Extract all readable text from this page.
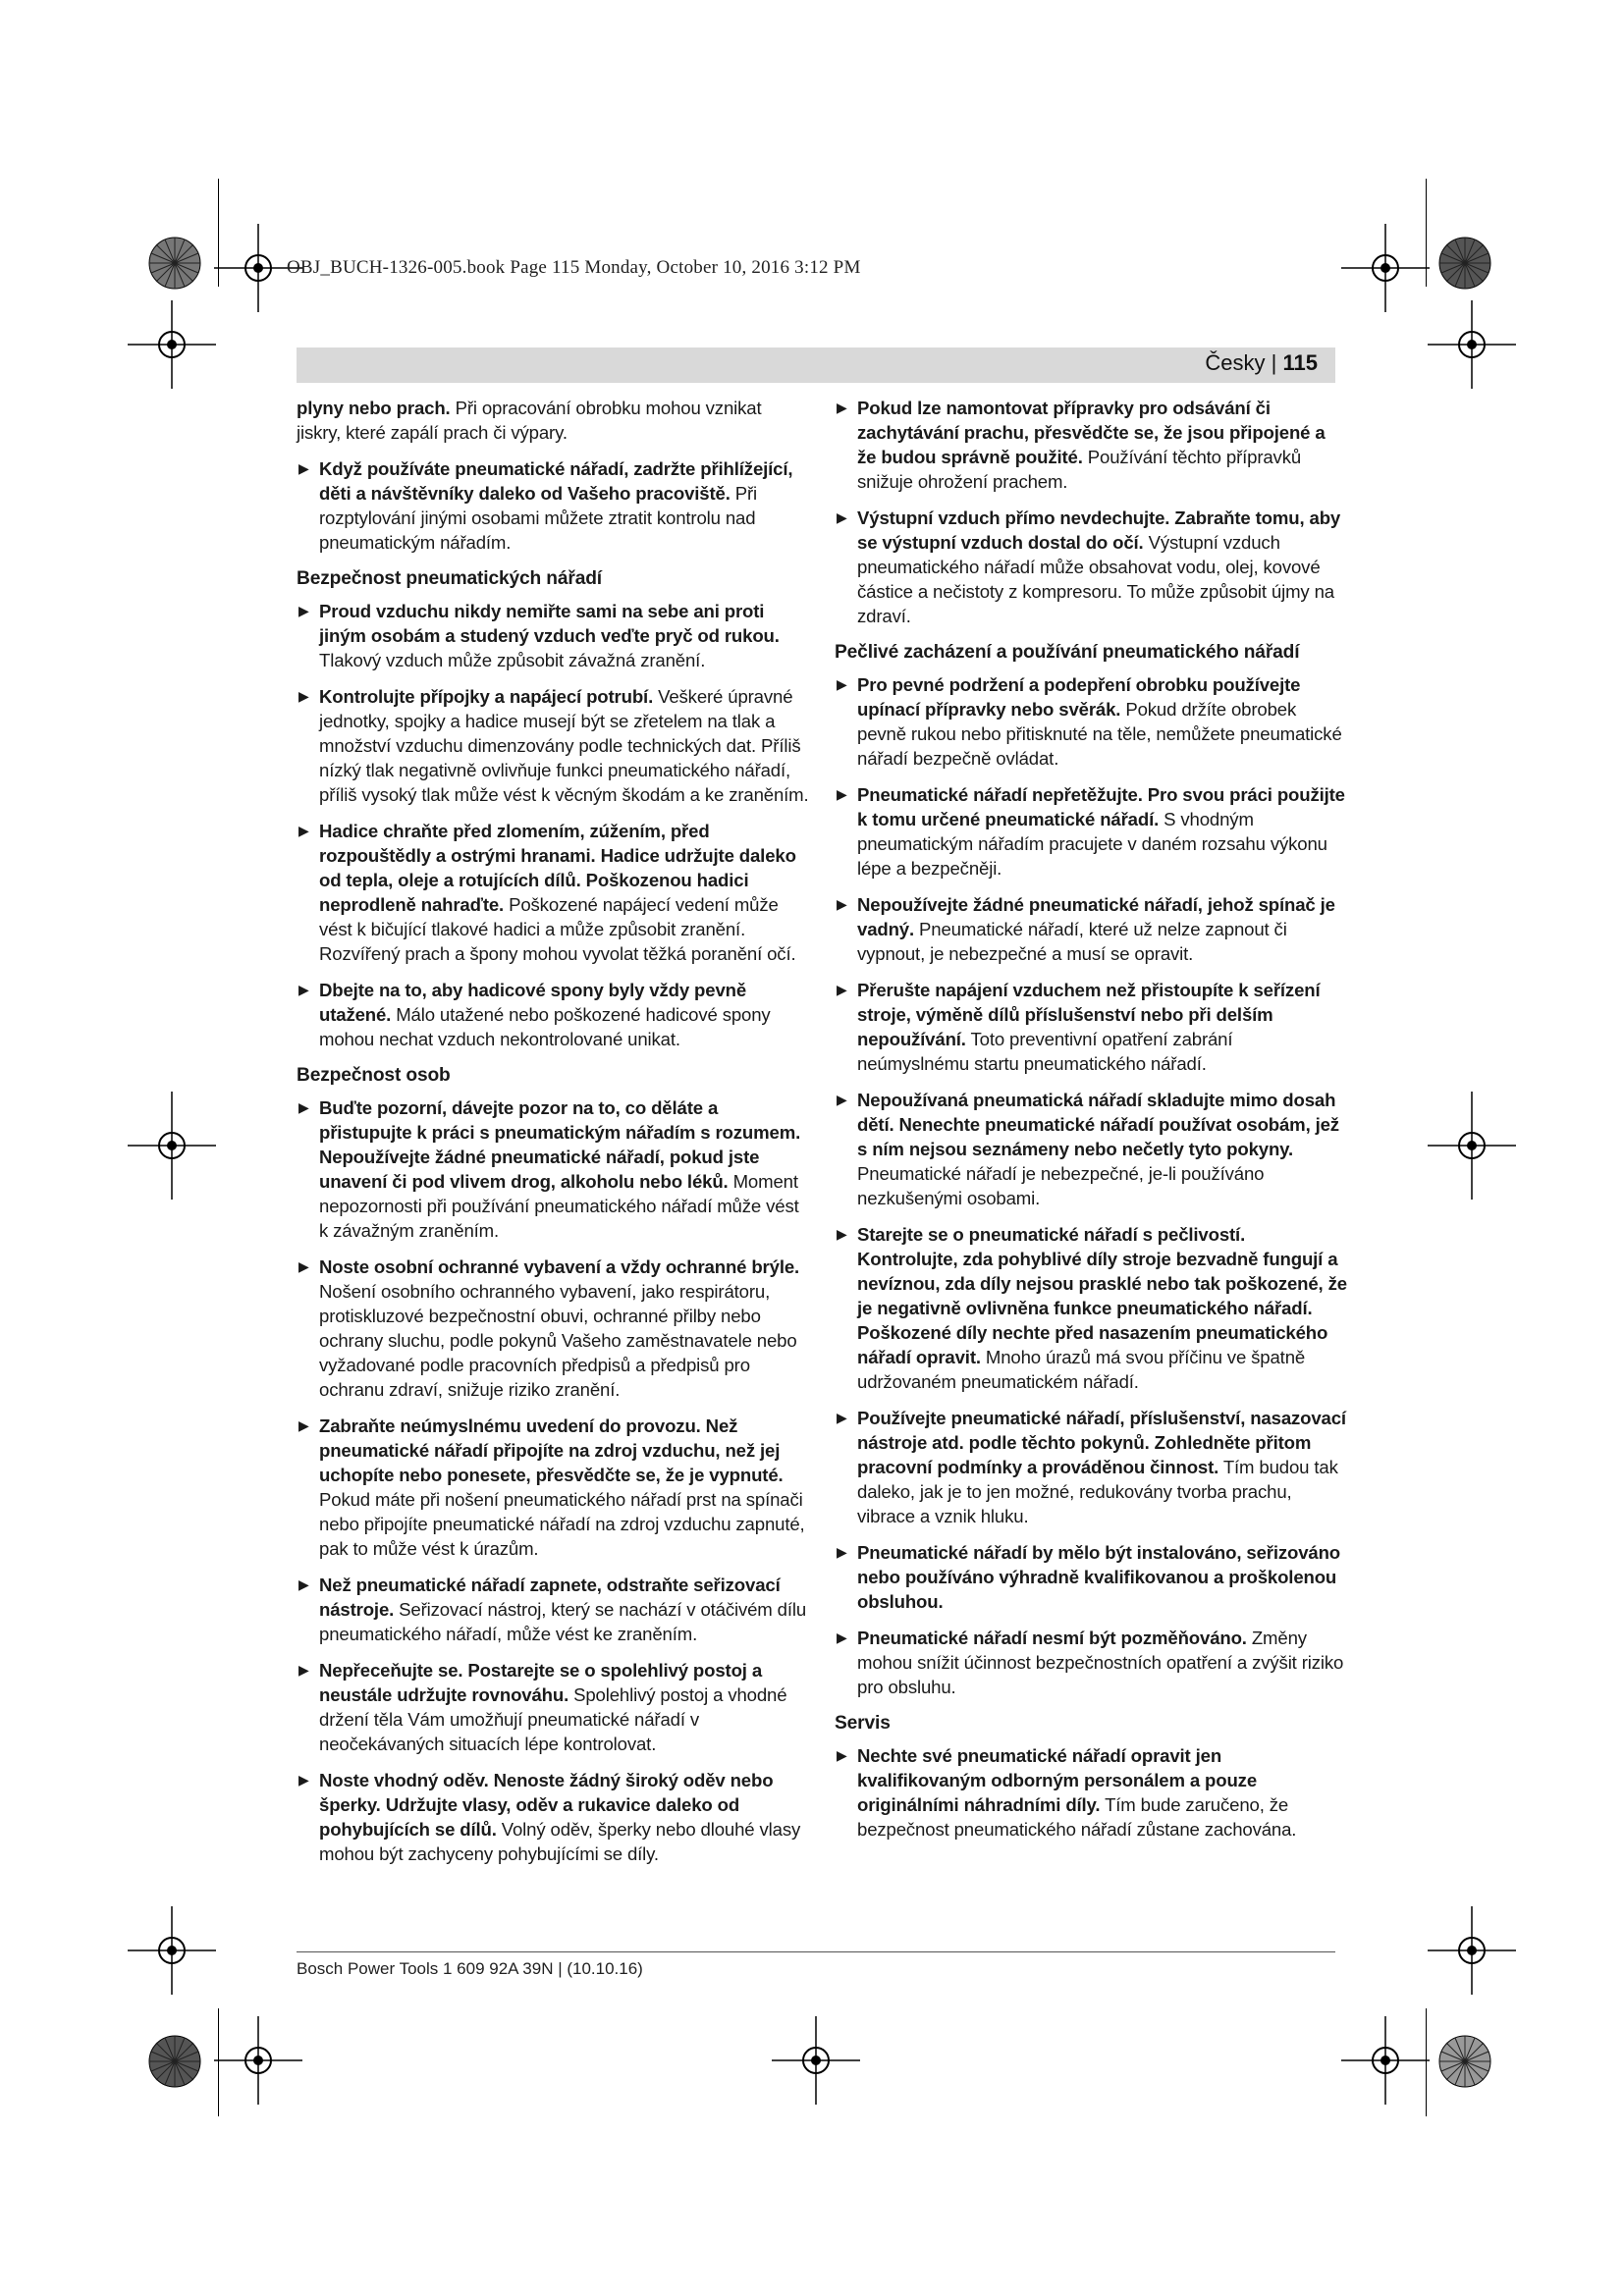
OBJ_BUCH-1326-005.book Page 115 Monday, October 10, 2016 3:12 PM
Česky | 115

plyny nebo prach. Při opracování obrobku mohou vznikat jiskry, které zapálí prach či výpary.

▶ Když používáte pneumatické nářadí, zadržte přihlížející, děti a návštěvníky daleko od Vašeho pracoviště. Při rozptylování jinými osobami můžete ztratit kontrolu nad pneumatickým nářadím.
Bezpečnost pneumatických nářadí
▶ Proud vzduchu nikdy nemiřte sami na sebe ani proti jiným osobám a studený vzduch veďte pryč od rukou. Tlakový vzduch může způsobit závažná zranění.
▶ Kontrolujte přípojky a napájecí potrubí. Veškeré úpravné jednotky, spojky a hadice musejí být se zřetelem na tlak a množství vzduchu dimenzovány podle technických dat. Příliš nízký tlak negativně ovlivňuje funkci pneumatického nářadí, příliš vysoký tlak může vést k věcným škodám a ke zraněním.
▶ Hadice chraňte před zlomením, zúžením, před rozpouštědly a ostrými hranami. Hadice udržujte daleko od tepla, oleje a rotujících dílů. Poškozenou hadici neprodleně nahraďte. Poškozené napájecí vedení může vést k bičující tlakové hadici a může způsobit zranění. Rozvířený prach a špony mohou vyvolat těžká poranění očí.
▶ Dbejte na to, aby hadicové spony byly vždy pevně utažené. Málo utažené nebo poškozené hadicové spony mohou nechat vzduch nekontrolované unikat.
Bezpečnost osob
▶ Buďte pozorní, dávejte pozor na to, co děláte a přistupujte k práci s pneumatickým nářadím s rozumem. Nepoužívejte žádné pneumatické nářadí, pokud jste unavení či pod vlivem drog, alkoholu nebo léků. Moment nepozornosti při používání pneumatického nářadí může vést k závažným zraněním.
▶ Noste osobní ochranné vybavení a vždy ochranné brýle. Nošení osobního ochranného vybavení, jako respirátoru, protiskluzové bezpečnostní obuvi, ochranné přilby nebo ochrany sluchu, podle pokynů Vašeho zaměstnavatele nebo vyžadované podle pracovních předpisů a předpisů pro ochranu zdraví, snižuje riziko zranění.
▶ Zabraňte neúmyslnému uvedení do provozu. Než pneumatické nářadí připojíte na zdroj vzduchu, než jej uchopíte nebo ponesete, přesvědčte se, že je vypnuté. Pokud máte při nošení pneumatického nářadí prst na spínači nebo připojíte pneumatické nářadí na zdroj vzduchu zapnuté, pak to může vést k úrazům.
▶ Než pneumatické nářadí zapnete, odstraňte seřizovací nástroje. Seřizovací nástroj, který se nachází v otáčivém dílu pneumatického nářadí, může vést ke zraněním.
▶ Nepřeceňujte se. Postarejte se o spolehlivý postoj a neustále udržujte rovnováhu. Spolehlivý postoj a vhodné držení těla Vám umožňují pneumatické nářadí v neočekávaných situacích lépe kontrolovat.
▶ Noste vhodný oděv. Nenoste žádný široký oděv nebo šperky. Udržujte vlasy, oděv a rukavice daleko od pohybujících se dílů. Volný oděv, šperky nebo dlouhé vlasy mohou být zachyceny pohybujícími se díly.
▶ Pokud lze namontovat přípravky pro odsávání či zachytávání prachu, přesvědčte se, že jsou připojené a že budou správně použité. Používání těchto přípravků snižuje ohrožení prachem.
▶ Výstupní vzduch přímo nevdechujte. Zabraňte tomu, aby se výstupní vzduch dostal do očí. Výstupní vzduch pneumatického nářadí může obsahovat vodu, olej, kovové částice a nečistoty z kompresoru. To může způsobit újmy na zdraví.
Pečlivé zacházení a používání pneumatického nářadí
▶ Pro pevné podržení a podepření obrobku používejte upínací přípravky nebo svěrák. Pokud držíte obrobek pevně rukou nebo přitisknuté na těle, nemůžete pneumatické nářadí bezpečně ovládat.
▶ Pneumatické nářadí nepřetěžujte. Pro svou práci použijte k tomu určené pneumatické nářadí. S vhodným pneumatickým nářadím pracujete v daném rozsahu výkonu lépe a bezpečněji.
▶ Nepoužívejte žádné pneumatické nářadí, jehož spínač je vadný. Pneumatické nářadí, které už nelze zapnout či vypnout, je nebezpečné a musí se opravit.
▶ Přerušte napájení vzduchem než přistoupíte k seřízení stroje, výměně dílů příslušenství nebo při delším nepoužívání. Toto preventivní opatření zabrání neúmyslnému startu pneumatického nářadí.
▶ Nepoužívaná pneumatická nářadí skladujte mimo dosah dětí. Nenechte pneumatické nářadí používat osobám, jež s ním nejsou seznámeny nebo nečetly tyto pokyny. Pneumatické nářadí je nebezpečné, je-li používáno nezkušenými osobami.
▶ Starejte se o pneumatické nářadí s pečlivostí. Kontrolujte, zda pohyblivé díly stroje bezvadně fungují a nevíznou, zda díly nejsou prasklé nebo tak poškozené, že je negativně ovlivněna funkce pneumatického nářadí. Poškozené díly nechte před nasazením pneumatického nářadí opravit. Mnoho úrazů má svou příčinu ve špatně udržovaném pneumatickém nářadí.
▶ Používejte pneumatické nářadí, příslušenství, nasazovací nástroje atd. podle těchto pokynů. Zohledněte přitom pracovní podmínky a prováděnou činnost. Tím budou tak daleko, jak je to jen možné, redukovány tvorba prachu, vibrace a vznik hluku.
▶ Pneumatické nářadí by mělo být instalováno, seřizováno nebo používáno výhradně kvalifikovanou a proškolenou obsluhou.
▶ Pneumatické nářadí nesmí být pozměňováno. Změny mohou snížit účinnost bezpečnostních opatření a zvýšit riziko pro obsluhu.
Servis
▶ Nechte své pneumatické nářadí opravit jen kvalifikovaným odborným personálem a pouze originálními náhradními díly. Tím bude zaručeno, že bezpečnost pneumatického nářadí zůstane zachována.
Bosch Power Tools 1 609 92A 39N | (10.10.16)
